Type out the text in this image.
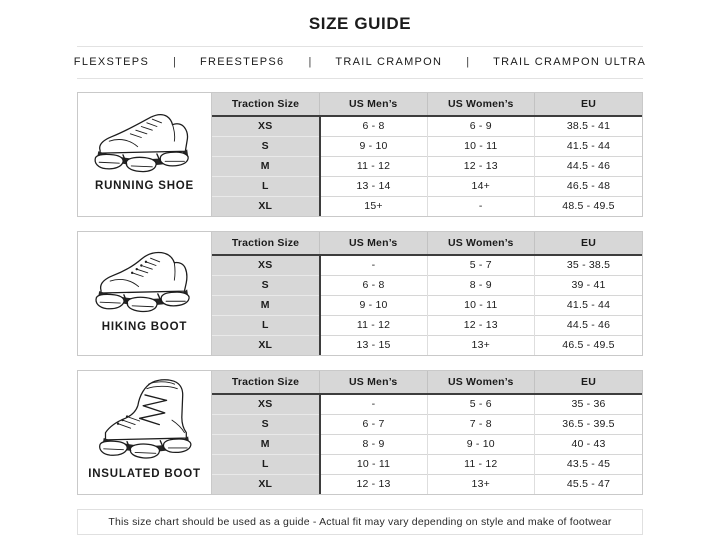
SIZE GUIDE
FLEXSTEPS | FREESTEPS6 | TRAIL CRAMPON | TRAIL CRAMPON ULTRA
RUNNING SHOE
Traction Size	US Men’s	US Women’s	EU
XS	6 - 8	6 - 9	38.5 - 41
S	9 - 10	10 - 11	41.5 - 44
M	11 - 12	12 - 13	44.5 - 46
L	13 - 14	14+	46.5 - 48
XL	15+	-	48.5 - 49.5
HIKING BOOT
Traction Size	US Men’s	US Women’s	EU
XS	-	5 - 7	35 - 38.5
S	6 - 8	8 - 9	39 - 41
M	9 - 10	10 - 11	41.5 - 44
L	11 - 12	12 - 13	44.5 - 46
XL	13 - 15	13+	46.5 - 49.5
INSULATED BOOT
Traction Size	US Men’s	US Women’s	EU
XS	-	5 - 6	35 - 36
S	6 - 7	7 - 8	36.5 - 39.5
M	8 - 9	9 - 10	40 - 43
L	10 - 11	11 - 12	43.5 - 45
XL	12 - 13	13+	45.5 - 47
This size chart should be used as a guide - Actual fit may vary depending on style and make of footwear
